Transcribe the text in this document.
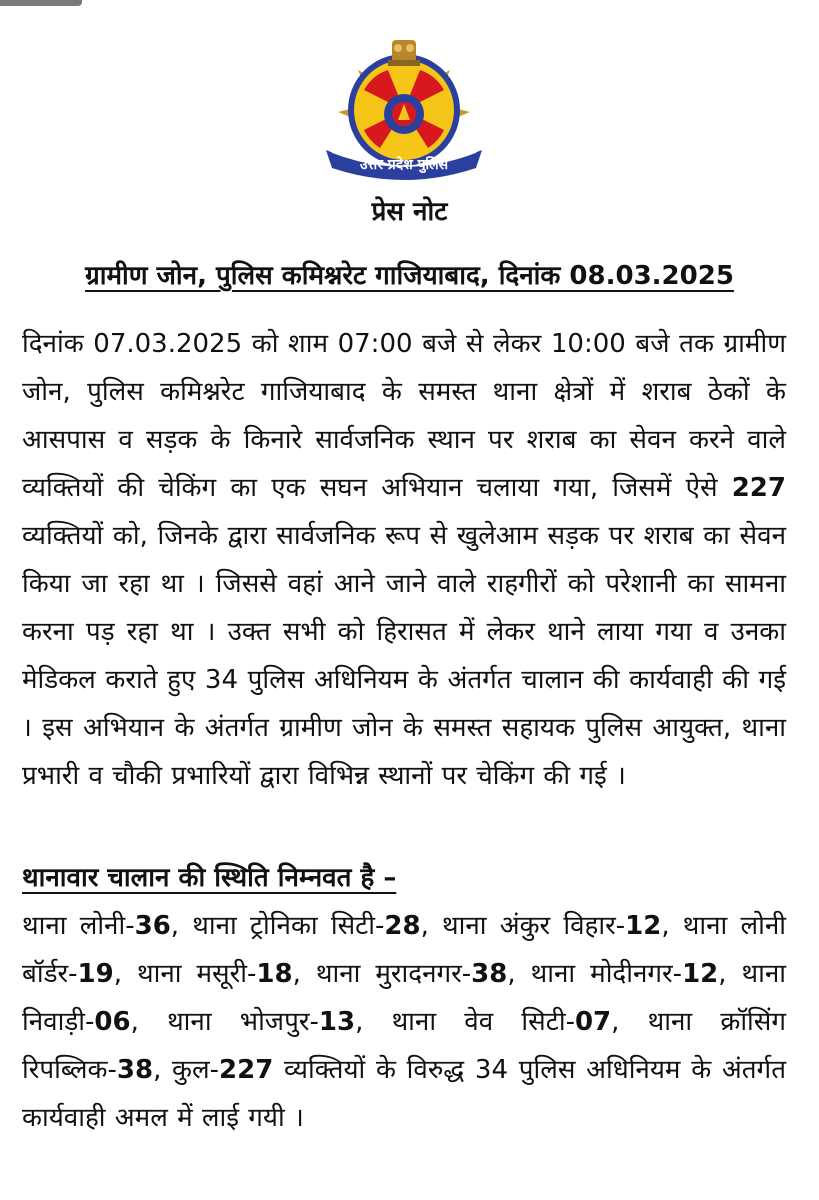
उत्तर प्रदेश पुलिस
प्रेस नोट
ग्रामीण जोन, पुलिस कमिश्नरेट गाजियाबाद, दिनांक 08.03.2025

दिनांक 07.03.2025 को शाम 07:00 बजे से लेकर 10:00 बजे तक ग्रामीण जोन, पुलिस कमिश्नरेट गाजियाबाद के समस्त थाना क्षेत्रों में शराब ठेकों के आसपास व सड़क के किनारे सार्वजनिक स्थान पर शराब का सेवन करने वाले व्यक्तियों की चेकिंग का एक सघन अभियान चलाया गया, जिसमें ऐसे 227 व्यक्तियों को, जिनके द्वारा सार्वजनिक रूप से खुलेआम सड़क पर शराब का सेवन किया जा रहा था । जिससे वहां आने जाने वाले राहगीरों को परेशानी का सामना करना पड़ रहा था । उक्त सभी को हिरासत में लेकर थाने लाया गया व उनका मेडिकल कराते हुए 34 पुलिस अधिनियम के अंतर्गत चालान की कार्यवाही की गई । इस अभियान के अंतर्गत ग्रामीण जोन के समस्त सहायक पुलिस आयुक्त, थाना प्रभारी व चौकी प्रभारियों द्वारा विभिन्न स्थानों पर चेकिंग की गई ।

थानावार चालान की स्थिति निम्नवत है –

थाना लोनी-36, थाना ट्रोनिका सिटी-28, थाना अंकुर विहार-12, थाना लोनी बॉर्डर-19, थाना मसूरी-18, थाना मुरादनगर-38, थाना मोदीनगर-12, थाना निवाड़ी-06, थाना भोजपुर-13, थाना वेव सिटी-07, थाना क्रॉसिंग रिपब्लिक-38, कुल-227 व्यक्तियों के विरुद्ध 34 पुलिस अधिनियम के अंतर्गत कार्यवाही अमल में लाई गयी ।
